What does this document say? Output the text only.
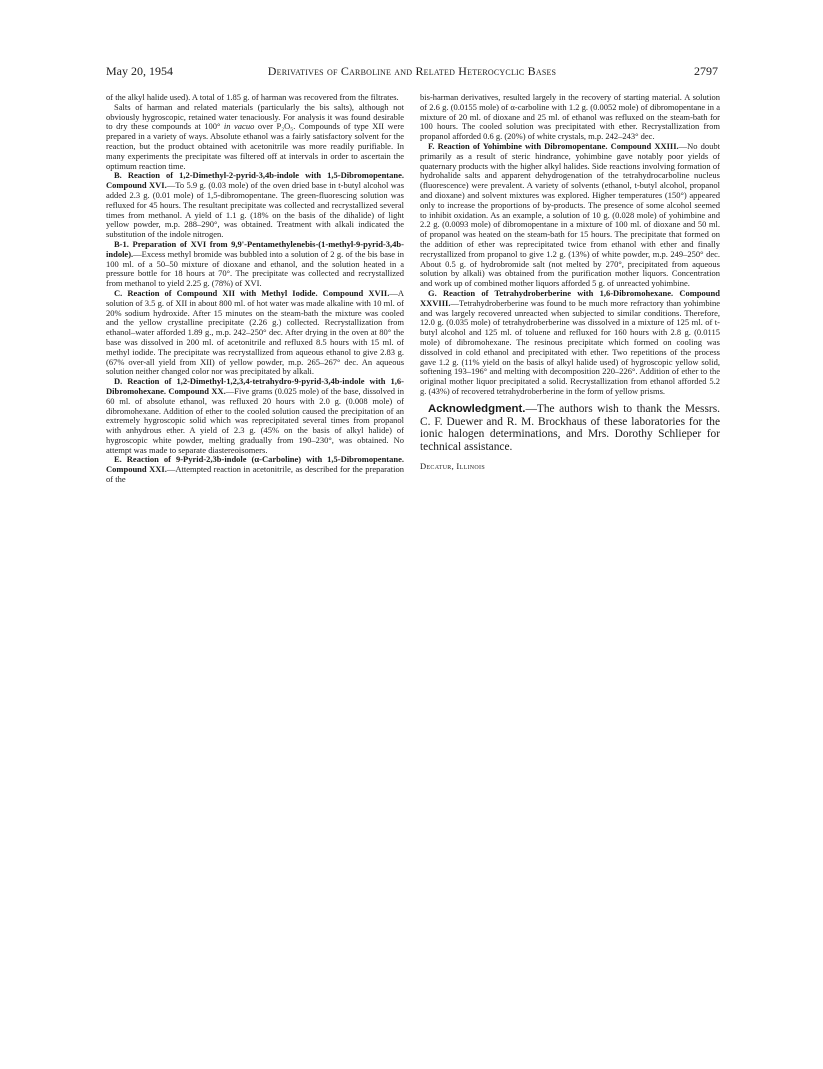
May 20, 1954	Derivatives of Carboline and Related Heterocyclic Bases	2797

of the alkyl halide used). A total of 1.85 g. of harman was recovered from the filtrates.

Salts of harman and related materials (particularly the bis salts), although not obviously hygroscopic, retained water tenaciously. For analysis it was found desirable to dry these compounds at 100° in vacuo over P₂O₅. Compounds of type XII were prepared in a variety of ways. Absolute ethanol was a fairly satisfactory solvent for the reaction, but the product obtained with acetonitrile was more readily purifiable. In many experiments the precipitate was filtered off at intervals in order to ascertain the optimum reaction time.

B. Reaction of 1,2-Dimethyl-2-pyrid-3,4b-indole with 1,5-Dibromopentane. Compound XVI.—To 5.9 g. (0.03 mole) of the oven dried base in t-butyl alcohol was added 2.3 g. (0.01 mole) of 1,5-dibromopentane. The green-fluorescing solution was refluxed for 45 hours. The resultant precipitate was collected and recrystallized several times from methanol. A yield of 1.1 g. (18% on the basis of the dihalide) of light yellow powder, m.p. 288–290°, was obtained. Treatment with alkali indicated the substitution of the indole nitrogen.

B-1. Preparation of XVI from 9,9'-Pentamethylenebis-(1-methyl-9-pyrid-3,4b-indole).—Excess methyl bromide was bubbled into a solution of 2 g. of the bis base in 100 ml. of a 50–50 mixture of dioxane and ethanol, and the solution heated in a pressure bottle for 18 hours at 70°. The precipitate was collected and recrystallized from methanol to yield 2.25 g. (78%) of XVI.

C. Reaction of Compound XII with Methyl Iodide. Compound XVII.—A solution of 3.5 g. of XII in about 800 ml. of hot water was made alkaline with 10 ml. of 20% sodium hydroxide. After 15 minutes on the steam-bath the mixture was cooled and the yellow crystalline precipitate (2.26 g.) collected. Recrystallization from ethanol–water afforded 1.89 g., m.p. 242–250° dec. After drying in the oven at 80° the base was dissolved in 200 ml. of acetonitrile and refluxed 8.5 hours with 15 ml. of methyl iodide. The precipitate was recrystallized from aqueous ethanol to give 2.83 g. (67% over-all yield from XII) of yellow powder, m.p. 265–267° dec. An aqueous solution neither changed color nor was precipitated by alkali.

D. Reaction of 1,2-Dimethyl-1,2,3,4-tetrahydro-9-pyrid-3,4b-indole with 1,6-Dibromohexane. Compound XX.—Five grams (0.025 mole) of the base, dissolved in 60 ml. of absolute ethanol, was refluxed 20 hours with 2.0 g. (0.008 mole) of dibromohexane. Addition of ether to the cooled solution caused the precipitation of an extremely hygroscopic solid which was reprecipitated several times from propanol with anhydrous ether. A yield of 2.3 g. (45% on the basis of alkyl halide) of hygroscopic white powder, melting gradually from 190–230°, was obtained. No attempt was made to separate diastereoisomers.

E. Reaction of 9-Pyrid-2,3b-indole (α-Carboline) with 1,5-Dibromopentane. Compound XXI.—Attempted reaction in acetonitrile, as described for the preparation of the

bis-harman derivatives, resulted largely in the recovery of starting material. A solution of 2.6 g. (0.0155 mole) of α-carboline with 1.2 g. (0.0052 mole) of dibromopentane in a mixture of 20 ml. of dioxane and 25 ml. of ethanol was refluxed on the steam-bath for 100 hours. The cooled solution was precipitated with ether. Recrystallization from propanol afforded 0.6 g. (20%) of white crystals, m.p. 242–243° dec.

F. Reaction of Yohimbine with Dibromopentane. Compound XXIII.—No doubt primarily as a result of steric hindrance, yohimbine gave notably poor yields of quaternary products with the higher alkyl halides. Side reactions involving formation of hydrohalide salts and apparent dehydrogenation of the tetrahydrocarboline nucleus (fluorescence) were prevalent. A variety of solvents (ethanol, t-butyl alcohol, propanol and dioxane) and solvent mixtures was explored. Higher temperatures (150°) appeared only to increase the proportions of by-products. The presence of some alcohol seemed to inhibit oxidation. As an example, a solution of 10 g. (0.028 mole) of yohimbine and 2.2 g. (0.0093 mole) of dibromopentane in a mixture of 100 ml. of dioxane and 50 ml. of propanol was heated on the steam-bath for 15 hours. The precipitate that formed on the addition of ether was reprecipitated twice from ethanol with ether and finally recrystallized from propanol to give 1.2 g. (13%) of white powder, m.p. 249–250° dec. About 0.5 g. of hydrobromide salt (not melted by 270°, precipitated from aqueous solution by alkali) was obtained from the purification mother liquors. Concentration and work up of combined mother liquors afforded 5 g. of unreacted yohimbine.

G. Reaction of Tetrahydroberberine with 1,6-Dibromohexane. Compound XXVIII.—Tetrahydroberberine was found to be much more refractory than yohimbine and was largely recovered unreacted when subjected to similar conditions. Therefore, 12.0 g. (0.035 mole) of tetrahydroberberine was dissolved in a mixture of 125 ml. of t-butyl alcohol and 125 ml. of toluene and refluxed for 160 hours with 2.8 g. (0.0115 mole) of dibromohexane. The resinous precipitate which formed on cooling was dissolved in cold ethanol and precipitated with ether. Two repetitions of the process gave 1.2 g. (11% yield on the basis of alkyl halide used) of hygroscopic yellow solid, softening 193–196° and melting with decomposition 220–226°. Addition of ether to the original mother liquor precipitated a solid. Recrystallization from ethanol afforded 5.2 g. (43%) of recovered tetrahydroberberine in the form of yellow prisms.

Acknowledgment.—The authors wish to thank the Messrs. C. F. Duewer and R. M. Brockhaus of these laboratories for the ionic halogen determinations, and Mrs. Dorothy Schlieper for technical assistance.

Decatur, Illinois
